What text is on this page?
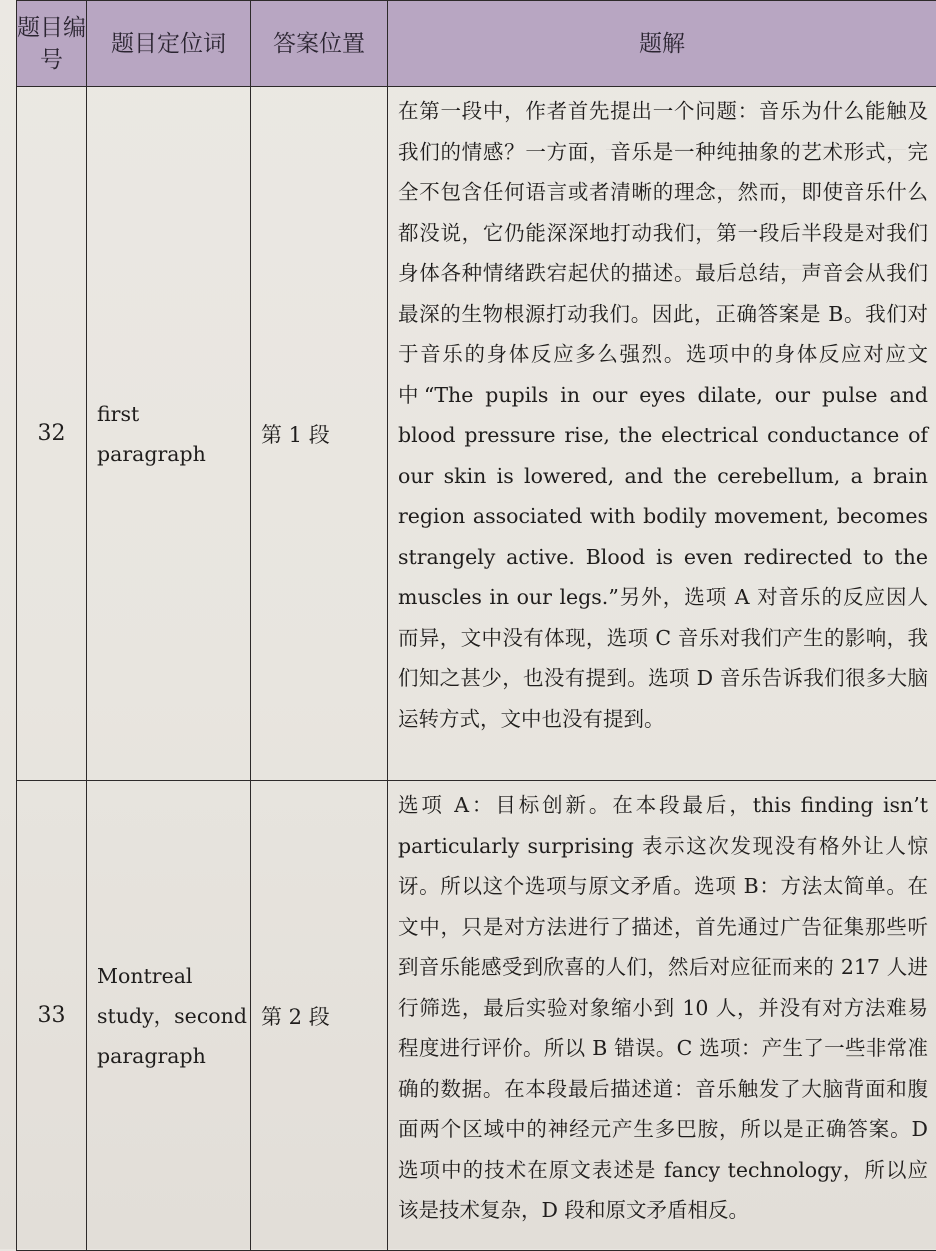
题目编号	题目定位词	答案位置	题解
32	first paragraph	第 1 段	在第一段中，作者首先提出一个问题：音乐为什么能触及我们的情感？一方面，音乐是一种纯抽象的艺术形式，完全不包含任何语言或者清晰的理念，然而，即使音乐什么都没说，它仍能深深地打动我们，第一段后半段是对我们身体各种情绪跌宕起伏的描述。最后总结，声音会从我们最深的生物根源打动我们。因此，正确答案是 B。我们对于音乐的身体反应多么强烈。选项中的身体反应对应文中“The pupils in our eyes dilate, our pulse and blood pressure rise, the electrical conductance of our skin is lowered, and the cerebellum, a brain region associated with bodily movement, becomes strangely active. Blood is even redirected to the muscles in our legs.”另外，选项 A 对音乐的反应因人而异，文中没有体现，选项 C 音乐对我们产生的影响，我们知之甚少，也没有提到。选项 D 音乐告诉我们很多大脑运转方式，文中也没有提到。
33	Montreal study，second paragraph	第 2 段	选项 A：目标创新。在本段最后，this finding isn’t particularly surprising 表示这次发现没有格外让人惊讶。所以这个选项与原文矛盾。选项 B：方法太简单。在文中，只是对方法进行了描述，首先通过广告征集那些听到音乐能感受到欣喜的人们，然后对应征而来的 217 人进行筛选，最后实验对象缩小到 10 人，并没有对方法难易程度进行评价。所以 B 错误。C 选项：产生了一些非常准确的数据。在本段最后描述道：音乐触发了大脑背面和腹面两个区域中的神经元产生多巴胺，所以是正确答案。D 选项中的技术在原文表述是 fancy technology，所以应该是技术复杂，D 段和原文矛盾相反。
